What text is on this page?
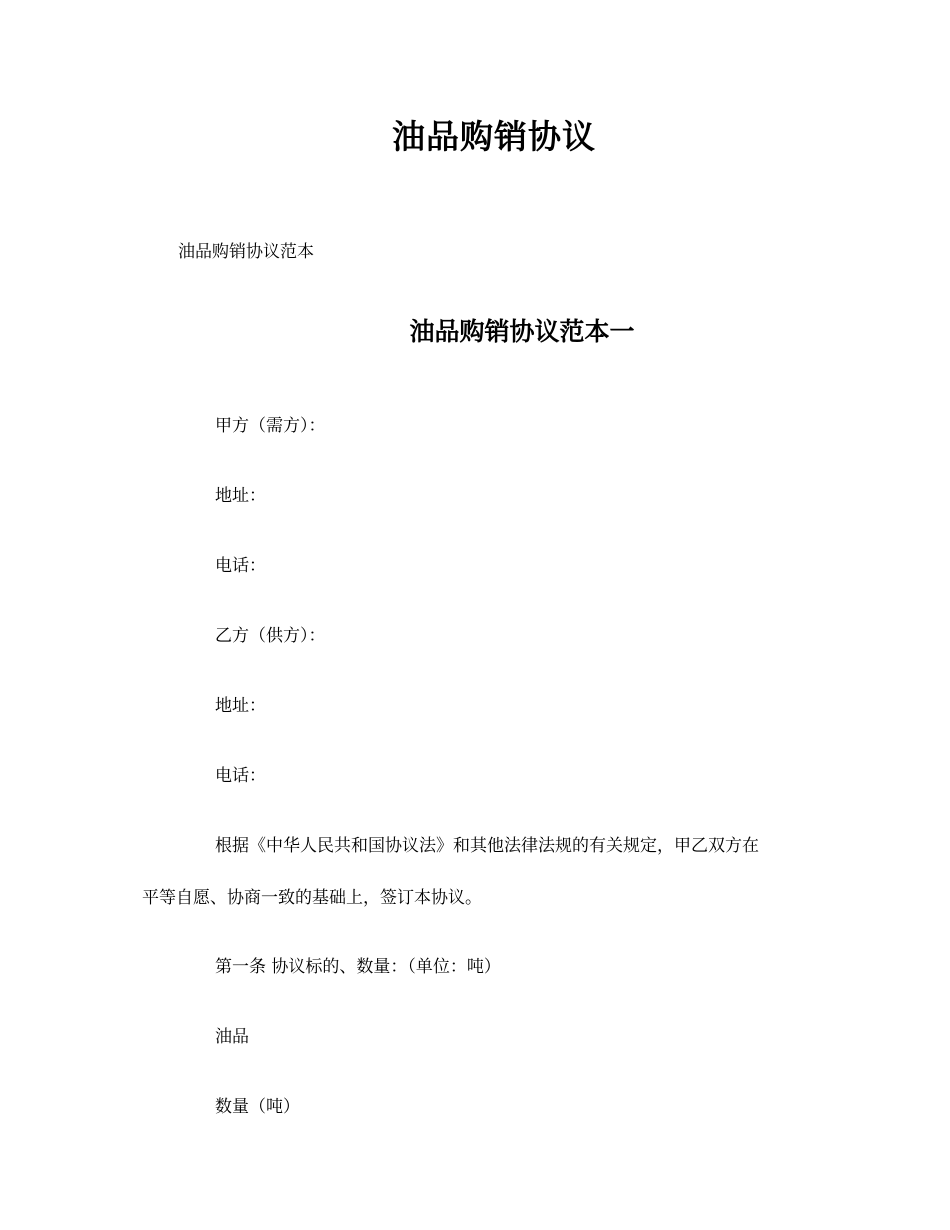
油品购销协议
油品购销协议范本
油品购销协议范本一
甲方（需方）：
地址：
电话：
乙方（供方）：
地址：
电话：
根据《中华人民共和国协议法》和其他法律法规的有关规定，甲乙双方在
平等自愿、协商一致的基础上，签订本协议。
第一条 协议标的、数量：（单位：吨）
油品
数量（吨）
